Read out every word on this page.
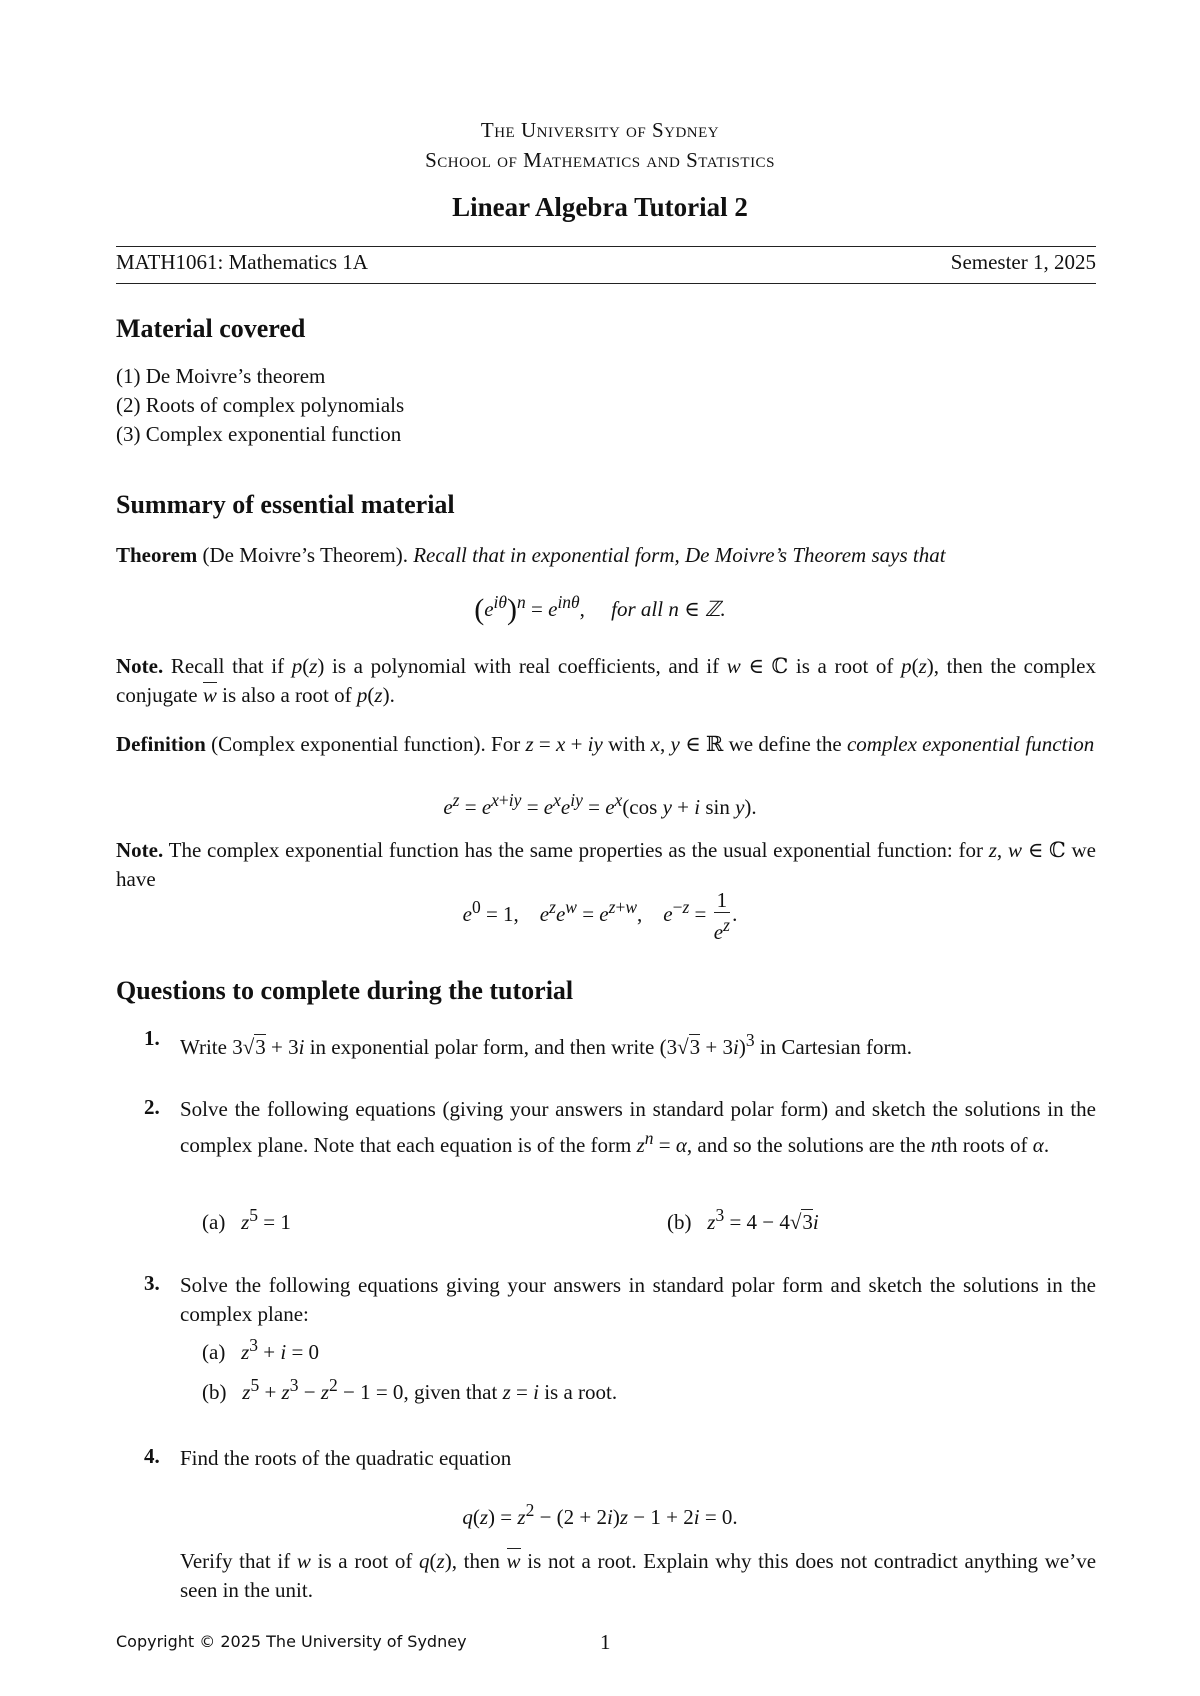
The University of Sydney
School of Mathematics and Statistics
Linear Algebra Tutorial 2
MATH1061: Mathematics 1A	Semester 1, 2025
Material covered
(1) De Moivre’s theorem
(2) Roots of complex polynomials
(3) Complex exponential function
Summary of essential material
Theorem (De Moivre’s Theorem). Recall that in exponential form, De Moivre’s Theorem says that
$(e^{i\theta})^n = e^{in\theta}$,     for all n ∈ ℤ.
Note. Recall that if p(z) is a polynomial with real coefficients, and if w ∈ ℂ is a root of p(z), then the complex conjugate w is also a root of p(z).
Definition (Complex exponential function). For z = x + iy with x, y ∈ ℝ we define the complex exponential function
$e^z = e^{x+iy} = e^xe^{iy} = e^x(\cos$ y + i sin y).
Note. The complex exponential function has the same properties as the usual exponential function: for z, w ∈ ℂ we have
$e^0 = 1$,    $e^ze^w = e^{z+w}$,    $e^{-z} = \frac{1}{e^z}$ .
Questions to complete during the tutorial
1. Write 3√3 + 3i in exponential polar form, and then write $(3√3 + 3i)^3$ in Cartesian form.
2. Solve the following equations (giving your answers in standard polar form) and sketch the solutions in the complex plane. Note that each equation is of the form $z^n = \alpha$, and so the solutions are the nth roots of α.
(a) $z^5 = 1$	(b) $z^3 = 4 - 4√3i$
3. Solve the following equations giving your answers in standard polar form and sketch the solutions in the complex plane:
(a) $z^3 + i = 0$
(b) $z^5 + z^3 - z^2 - 1 = 0$, given that z = i is a root.
4. Find the roots of the quadratic equation
$q(z) = z^2 - (2 + 2i)z - 1 + 2i = 0$.
Verify that if w is a root of q(z), then w is not a root. Explain why this does not contradict anything we’ve seen in the unit.
Copyright © 2025 The University of Sydney	1
